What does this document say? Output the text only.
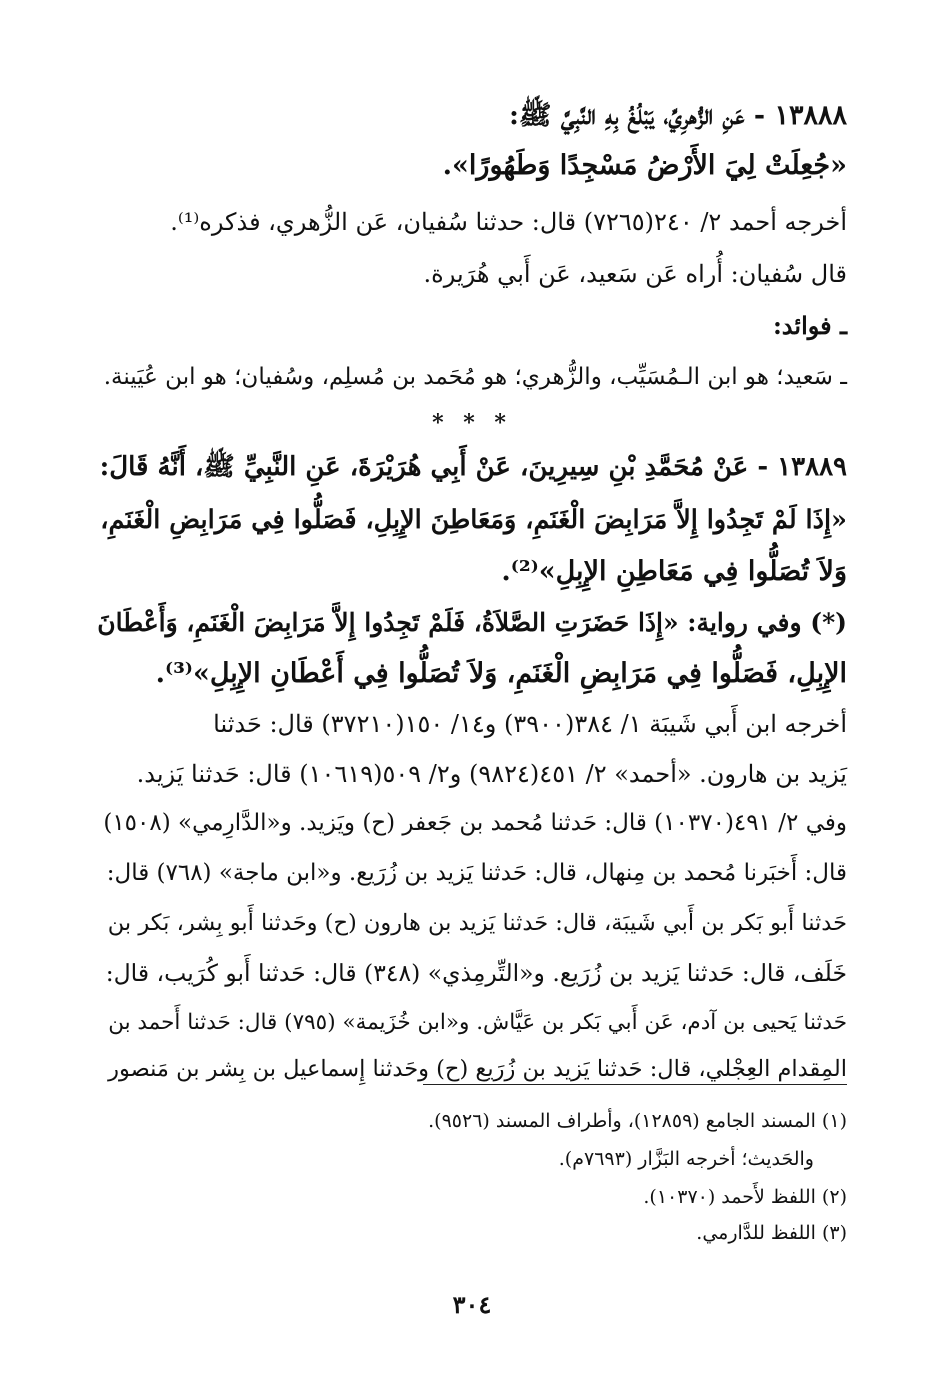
١٣٨٨٨ - عَنِ الزُّهرِيِّ، يَبْلُغُ بِهِ النَّبِيَّ ﷺ:
«جُعِلَتْ لِيَ الأَرْضُ مَسْجِدًا وَطَهُورًا».
أخرجه أحمد ٢/ ٢٤٠(٧٢٦٥) قال: حدثنا سُفيان، عَن الزُّهري، فذكره⁽¹⁾.
قال سُفيان: أُراه عَن سَعيد، عَن أَبي هُرَيرة.
ـ فوائد:
ـ سَعيد؛ هو ابن الـمُسَيِّب، والزُّهري؛ هو مُحَمد بن مُسلِم، وسُفيان؛ هو ابن عُيَينة.
* * *
١٣٨٨٩ - عَنْ مُحَمَّدِ بْنِ سِيرِينَ، عَنْ أَبِي هُرَيْرَةَ، عَنِ النَّبِيِّ ﷺ، أَنَّهُ قَالَ:
«إِذَا لَمْ تَجِدُوا إِلاَّ مَرَابِضَ الْغَنَمِ، وَمَعَاطِنَ الإِبِلِ، فَصَلُّوا فِي مَرَابِضِ الْغَنَمِ،
وَلاَ تُصَلُّوا فِي مَعَاطِنِ الإِبِلِ»⁽²⁾.
(*) وفي رواية: «إِذَا حَضَرَتِ الصَّلاَةُ، فَلَمْ تَجِدُوا إِلاَّ مَرَابِضَ الْغَنَمِ، وَأَعْطَانَ
الإِبِلِ، فَصَلُّوا فِي مَرَابِضِ الْغَنَمِ، وَلاَ تُصَلُّوا فِي أَعْطَانِ الإِبِلِ»⁽³⁾.
أخرجه ابن أَبي شَيبَة ١/ ٣٨٤(٣٩٠٠) و١٤/ ١٥٠(٣٧٢١٠) قال: حَدثنا
يَزيد بن هارون. «أحمد» ٢/ ٤٥١(٩٨٢٤) و٢/ ٥٠٩(١٠٦١٩) قال: حَدثنا يَزيد.
وفي ٢/ ٤٩١(١٠٣٧٠) قال: حَدثنا مُحمد بن جَعفر (ح) ويَزيد. و«الدَّارِمي» (١٥٠٨)
قال: أَخبَرنا مُحمد بن مِنهال، قال: حَدثنا يَزيد بن زُرَيع. و«ابن ماجة» (٧٦٨) قال:
حَدثنا أَبو بَكر بن أَبي شَيبَة، قال: حَدثنا يَزيد بن هارون (ح) وحَدثنا أَبو بِشر، بَكر بن
خَلَف، قال: حَدثنا يَزيد بن زُرَيع. و«التِّرمِذي» (٣٤٨) قال: حَدثنا أَبو كُرَيب، قال:
حَدثنا يَحيى بن آدم، عَن أَبي بَكر بن عَيَّاش. و«ابن خُزَيمة» (٧٩٥) قال: حَدثنا أَحمد بن
المِقدام العِجْلي، قال: حَدثنا يَزيد بن زُرَيع (ح) وحَدثنا إِسماعيل بن بِشر بن مَنصور
(١) المسند الجامع (١٢٨٥٩)، وأطراف المسند (٩٥٢٦).
والحَديث؛ أخرجه البَزَّار (٧٦٩٣م).
(٢) اللفظ لأَحمد (١٠٣٧٠).
(٣) اللفظ للدَّارمي.
٣٠٤
